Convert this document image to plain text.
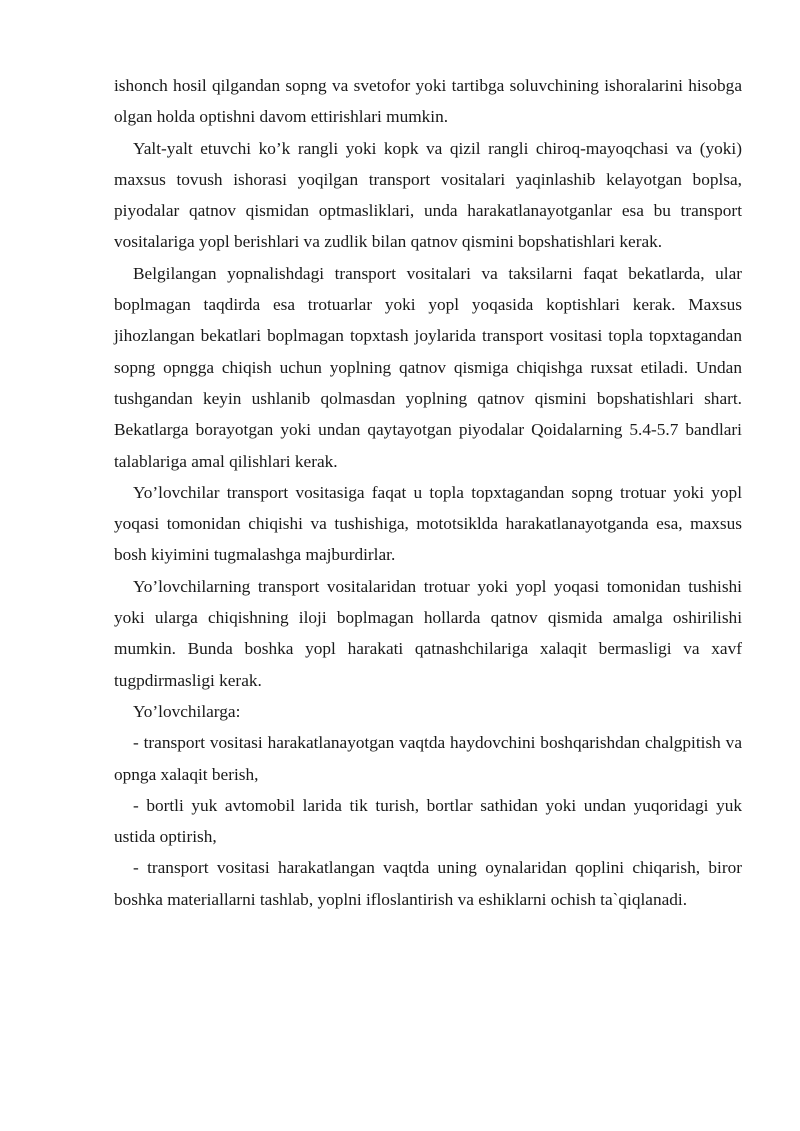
ishonch hosil qilgandan sopng va svetofor yoki tartibga soluvchining ishoralarini hisobga olgan holda optishni davom ettirishlari mumkin.

Yalt-yalt etuvchi ko’k rangli yoki kopk va qizil rangli chiroq-mayoqchasi va (yoki) maxsus tovush ishorasi yoqilgan transport vositalari yaqinlashib kelayotgan boplsa, piyodalar qatnov qismidan optmasliklari, unda harakatlanayotganlar esa bu transport vositalariga yopl berishlari va zudlik bilan qatnov qismini bopshatishlari kerak.

Belgilangan yopnalishdagi transport vositalari va taksilarni faqat bekatlarda, ular boplmagan taqdirda esa trotuarlar yoki yopl yoqasida koptishlari kerak. Maxsus jihozlangan bekatlari boplmagan topxtash joylarida transport vositasi topla topxtagandan sopng opngga chiqish uchun yoplning qatnov qismiga chiqishga ruxsat etiladi. Undan tushgandan keyin ushlanib qolmasdan yoplning qatnov qismini bopshatishlari shart. Bekatlarga borayotgan yoki undan qaytayotgan piyodalar Qoidalarning 5.4-5.7 bandlari talablariga amal qilishlari kerak.

Yo’lovchilar transport vositasiga faqat u topla topxtagandan sopng trotuar yoki yopl yoqasi tomonidan chiqishi va tushishiga, mototsiklda harakatlanayotganda esa, maxsus bosh kiyimini tugmalashga majburdirlar.

Yo’lovchilarning transport vositalaridan trotuar yoki yopl yoqasi tomonidan tushishi yoki ularga chiqishning iloji boplmagan hollarda qatnov qismida amalga oshirilishi mumkin. Bunda boshka yopl harakati qatnashchilariga xalaqit bermasligi va xavf tugpdirmasligi kerak.

Yo’lovchilarga:

- transport vositasi harakatlanayotgan vaqtda haydovchini boshqarishdan chalgpitish va opnga xalaqit berish,

- bortli yuk avtomobil larida tik turish, bortlar sathidan yoki undan yuqoridagi yuk ustida optirish,

- transport vositasi harakatlangan vaqtda uning oynalaridan qoplini chiqarish, biror boshka materiallarni tashlab, yoplni ifloslantirish va eshiklarni ochish ta`qiqlanadi.
